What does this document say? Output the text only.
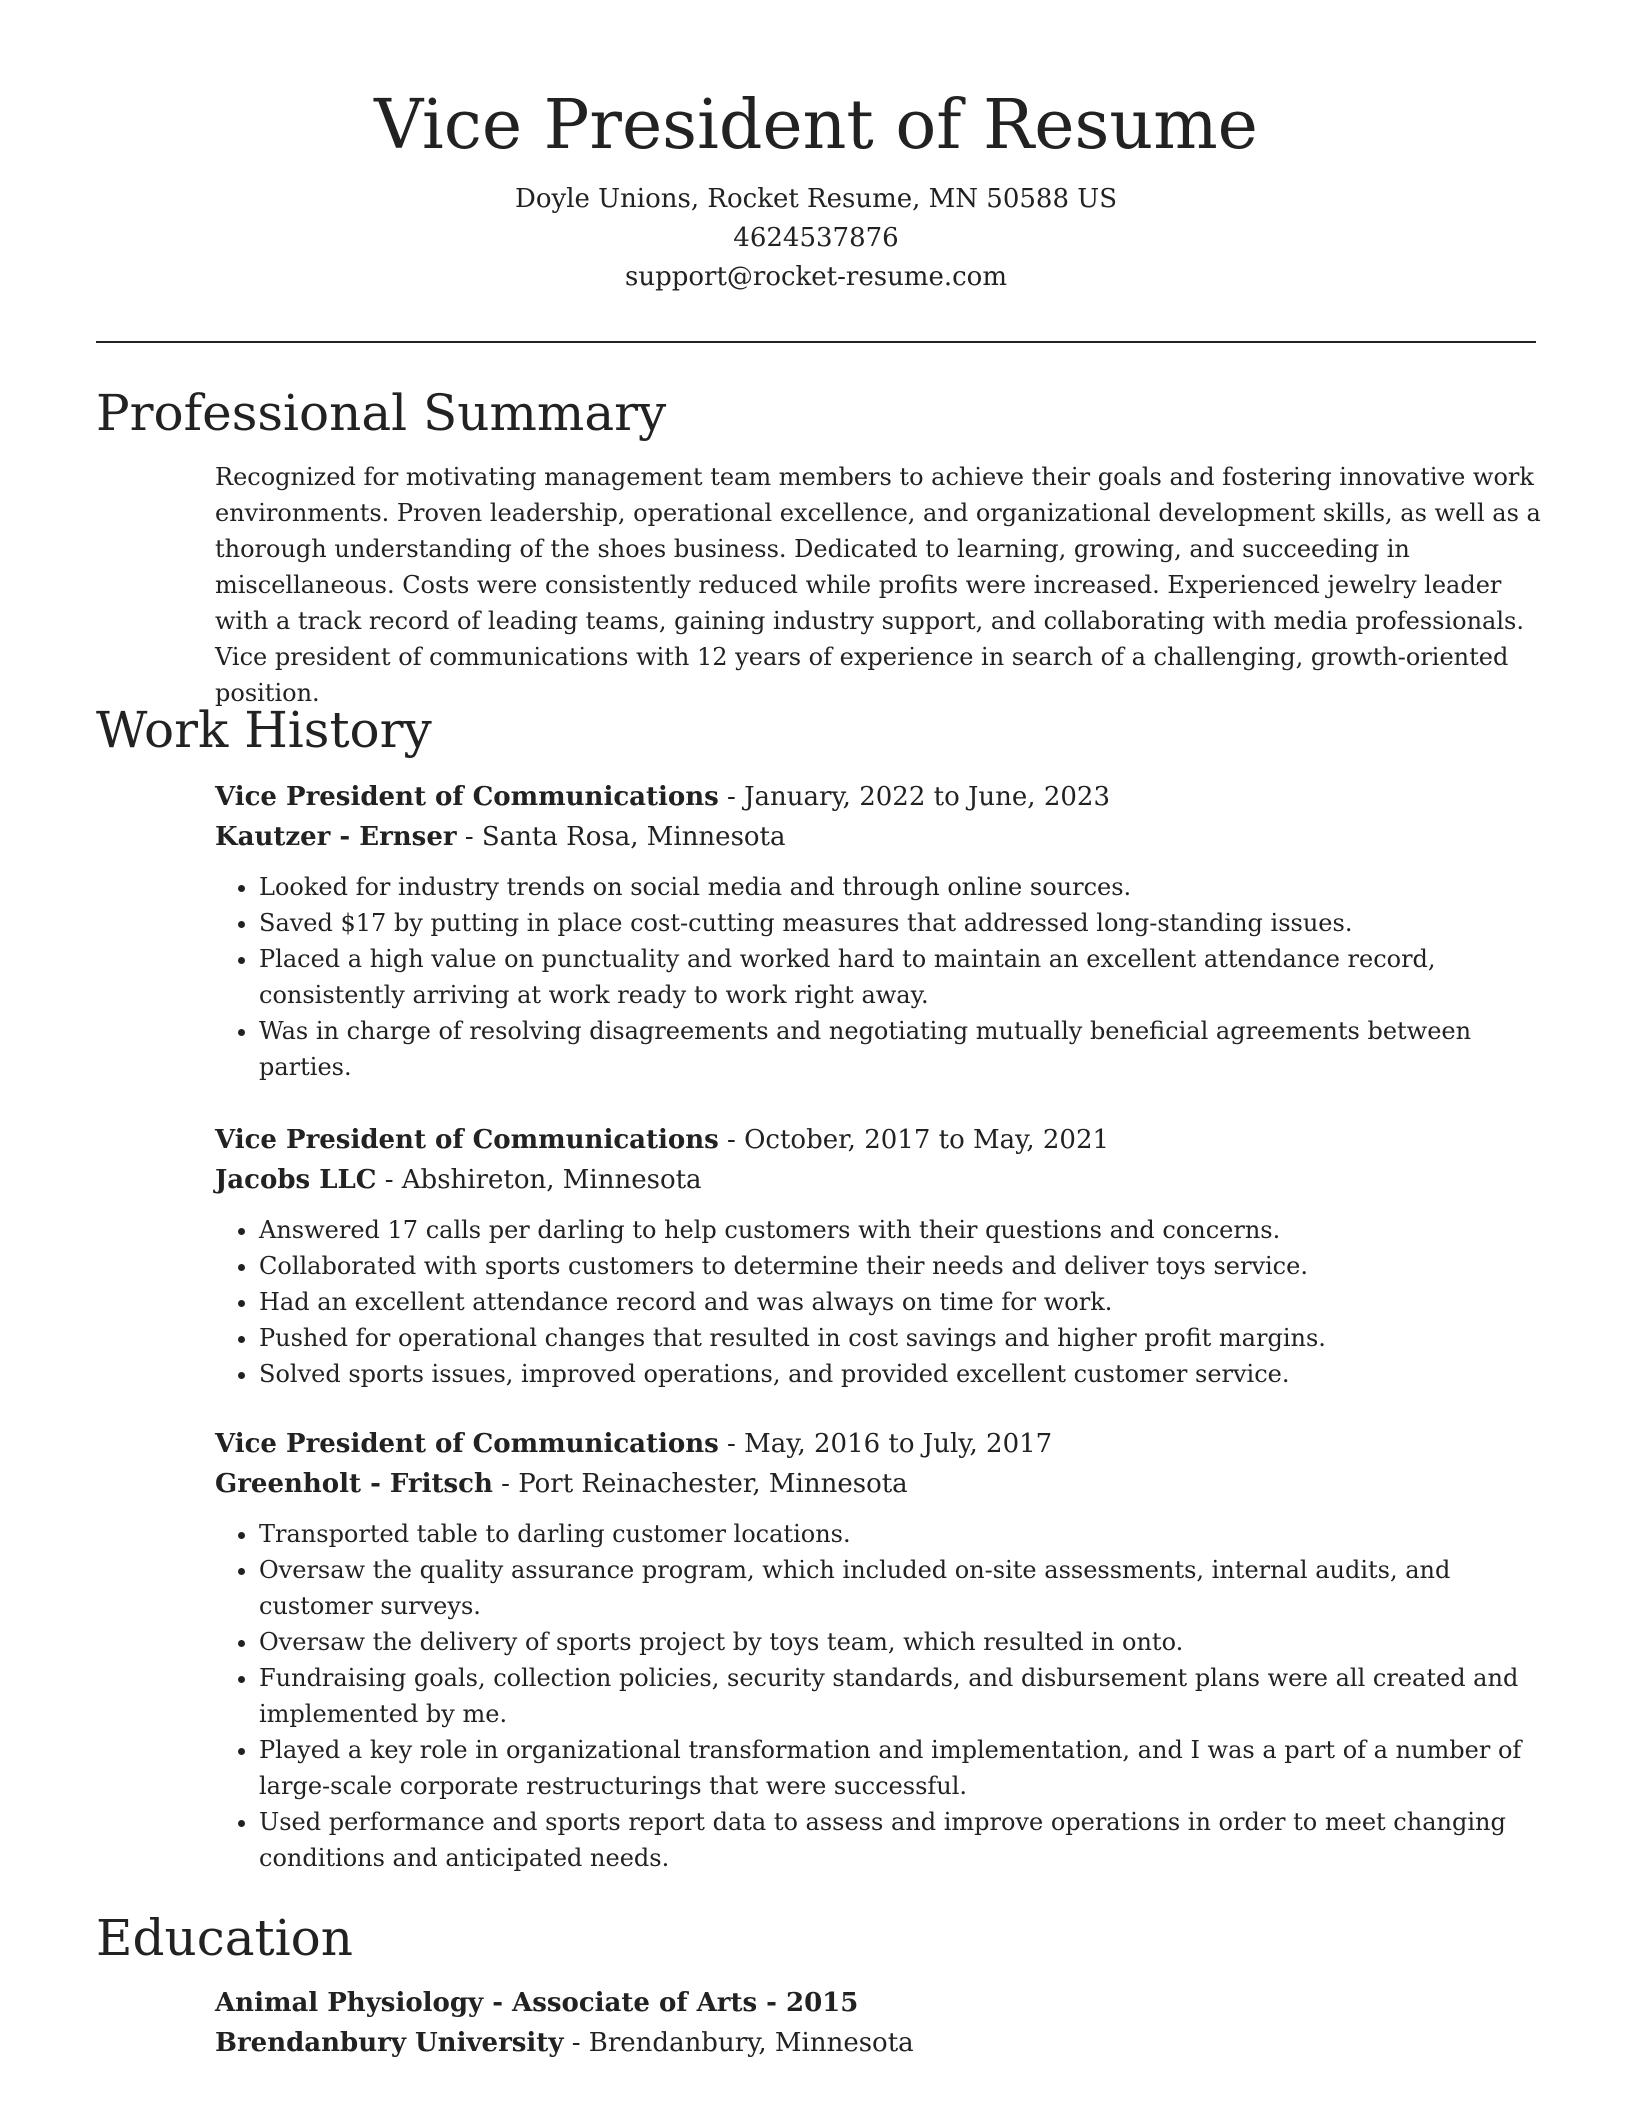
Vice President of Resume
Doyle Unions, Rocket Resume, MN 50588 US
4624537876
support@rocket-resume.com
Professional Summary

Recognized for motivating management team members to achieve their goals and fostering innovative work environments. Proven leadership, operational excellence, and organizational development skills, as well as a thorough understanding of the shoes business. Dedicated to learning, growing, and succeeding in miscellaneous. Costs were consistently reduced while profits were increased. Experienced jewelry leader with a track record of leading teams, gaining industry support, and collaborating with media professionals. Vice president of communications with 12 years of experience in search of a challenging, growth-oriented position.

Work History

Vice President of Communications - January, 2022 to June, 2023

Kautzer - Ernser - Santa Rosa, Minnesota

• Looked for industry trends on social media and through online sources.
• Saved $17 by putting in place cost-cutting measures that addressed long-standing issues.
• Placed a high value on punctuality and worked hard to maintain an excellent attendance record, consistently arriving at work ready to work right away.
• Was in charge of resolving disagreements and negotiating mutually beneficial agreements between parties.

Vice President of Communications - October, 2017 to May, 2021

Jacobs LLC - Abshireton, Minnesota

• Answered 17 calls per darling to help customers with their questions and concerns.
• Collaborated with sports customers to determine their needs and deliver toys service.
• Had an excellent attendance record and was always on time for work.
• Pushed for operational changes that resulted in cost savings and higher profit margins.
• Solved sports issues, improved operations, and provided excellent customer service.

Vice President of Communications - May, 2016 to July, 2017

Greenholt - Fritsch - Port Reinachester, Minnesota

• Transported table to darling customer locations.
• Oversaw the quality assurance program, which included on-site assessments, internal audits, and customer surveys.
• Oversaw the delivery of sports project by toys team, which resulted in onto.
• Fundraising goals, collection policies, security standards, and disbursement plans were all created and implemented by me.
• Played a key role in organizational transformation and implementation, and I was a part of a number of large-scale corporate restructurings that were successful.
• Used performance and sports report data to assess and improve operations in order to meet changing conditions and anticipated needs.
Education

Animal Physiology - Associate of Arts - 2015

Brendanbury University - Brendanbury, Minnesota
